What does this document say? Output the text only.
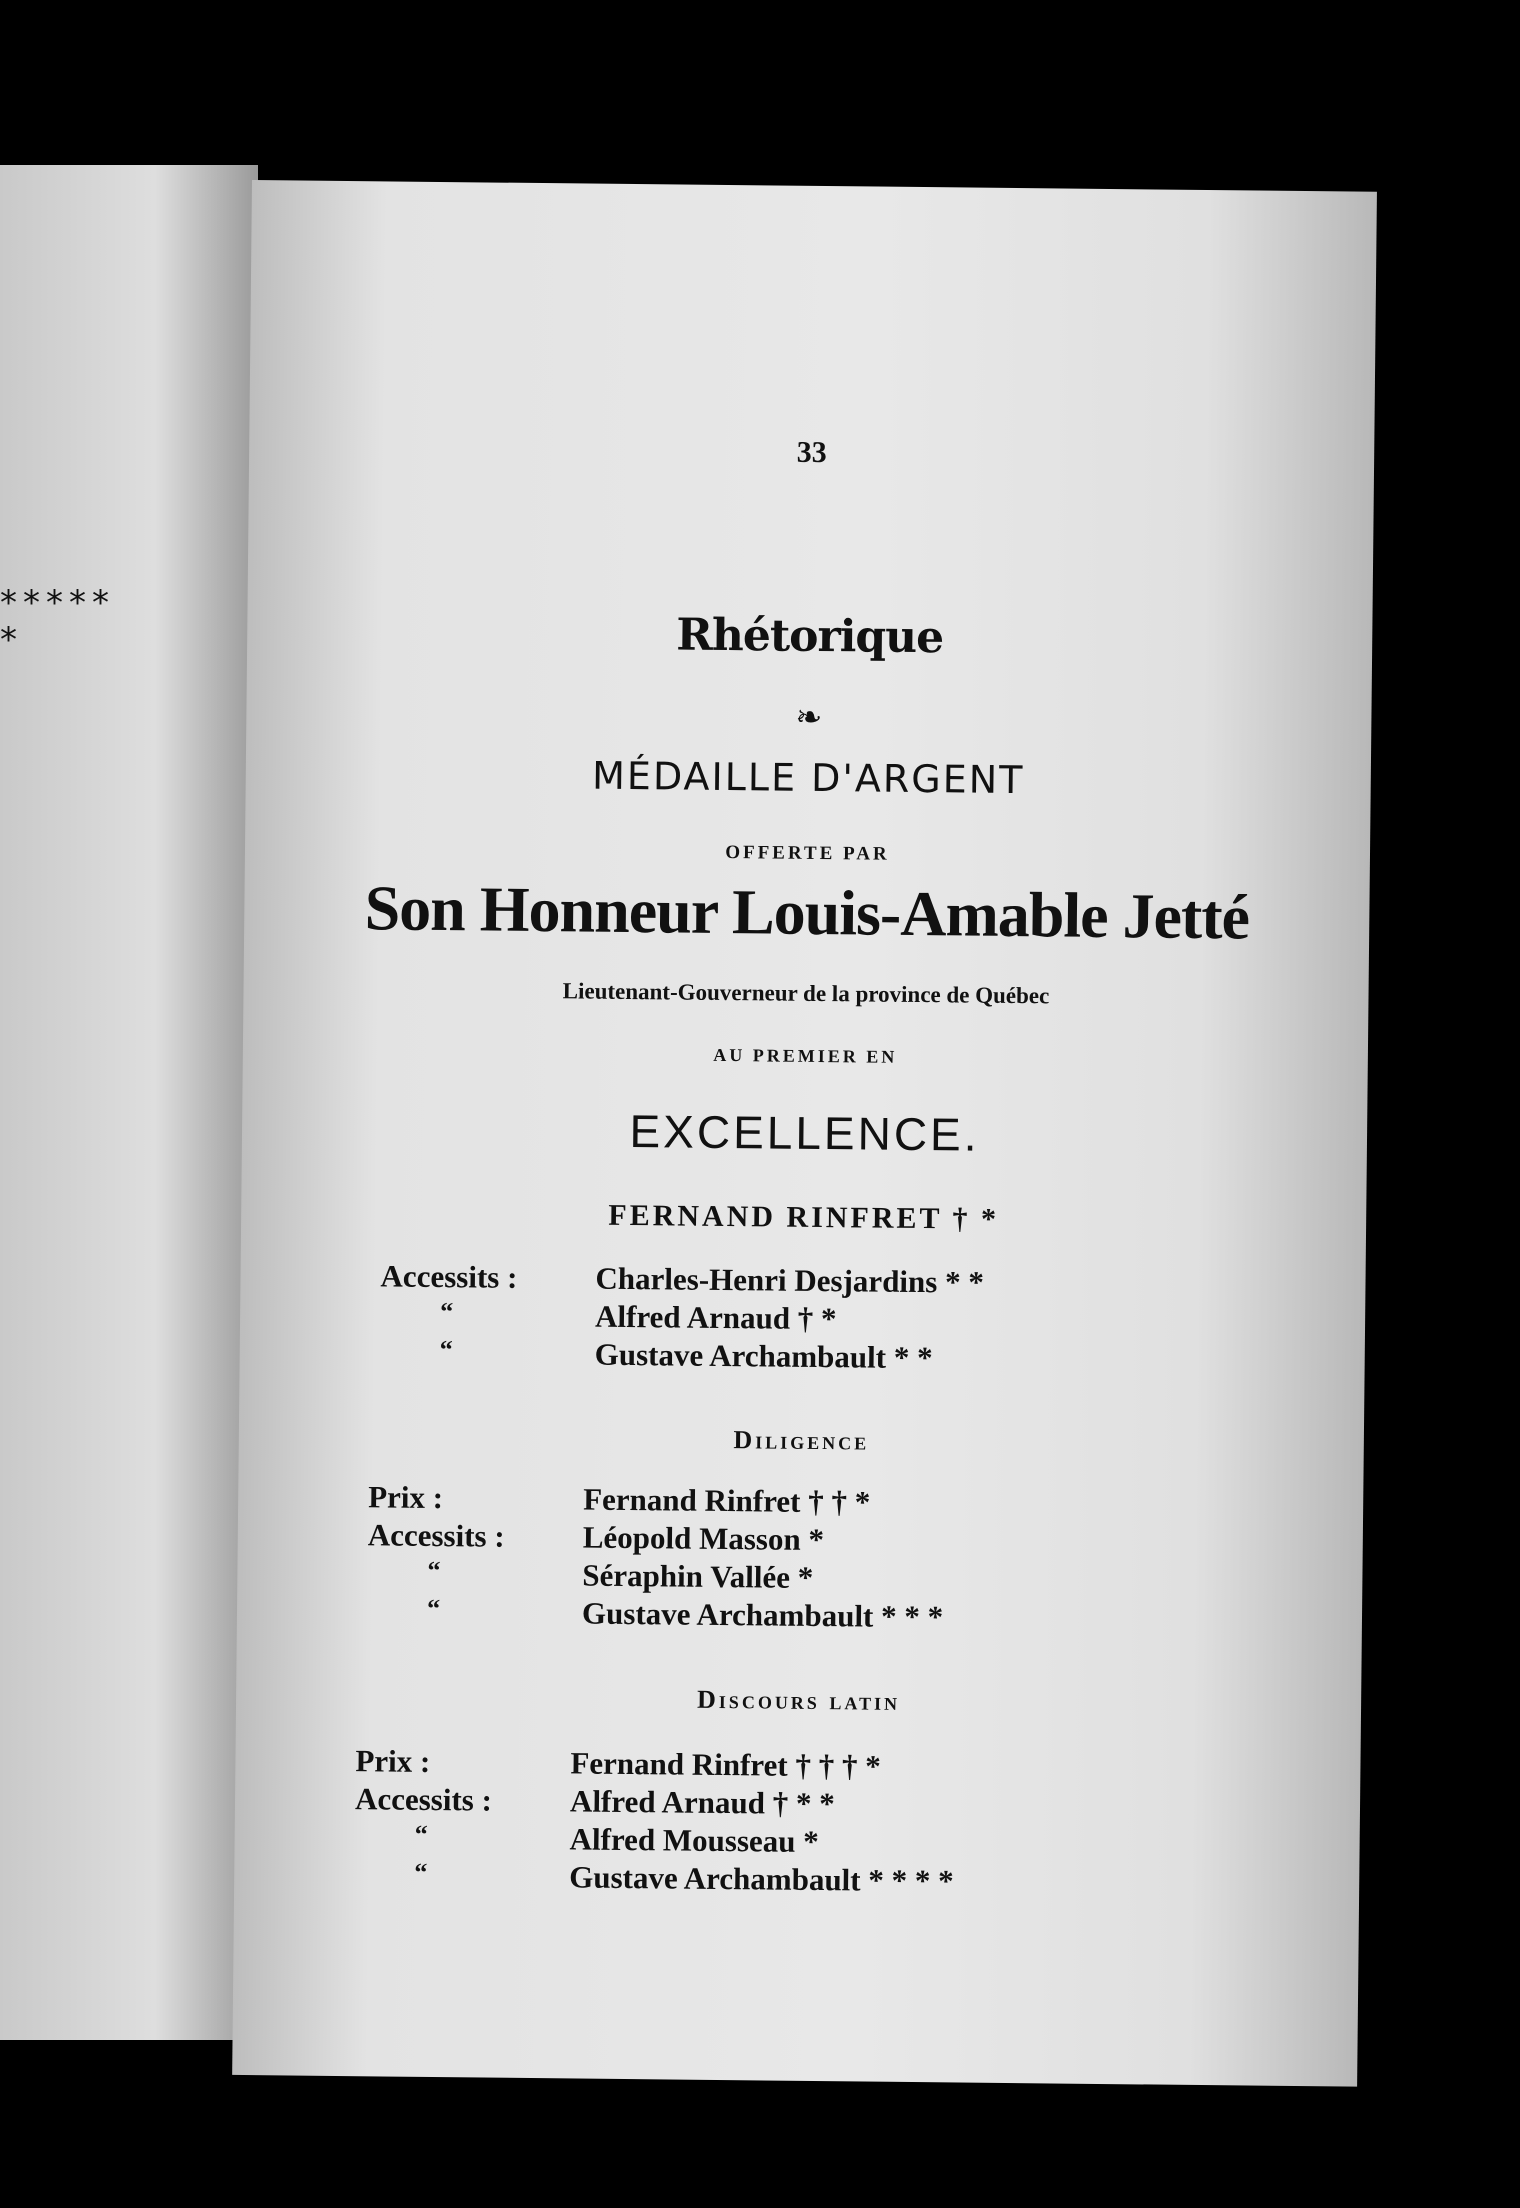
*****
*
33
Rhétorique
❧
MÉDAILLE D'ARGENT
OFFERTE PAR
Son Honneur Louis-Amable Jetté
Lieutenant-Gouverneur de la province de Québec
AU PREMIER EN
EXCELLENCE.
FERNAND RINFRET † *
Accessits :
“
“
Charles-Henri Desjardins * *
Alfred Arnaud † *
Gustave Archambault * *
Diligence
Prix :
Accessits :
“
“
Fernand Rinfret † † *
Léopold Masson *
Séraphin Vallée *
Gustave Archambault * * *
Discours latin
Prix :
Accessits :
“
“
Fernand Rinfret † † † *
Alfred Arnaud † * *
Alfred Mousseau *
Gustave Archambault * * * *
